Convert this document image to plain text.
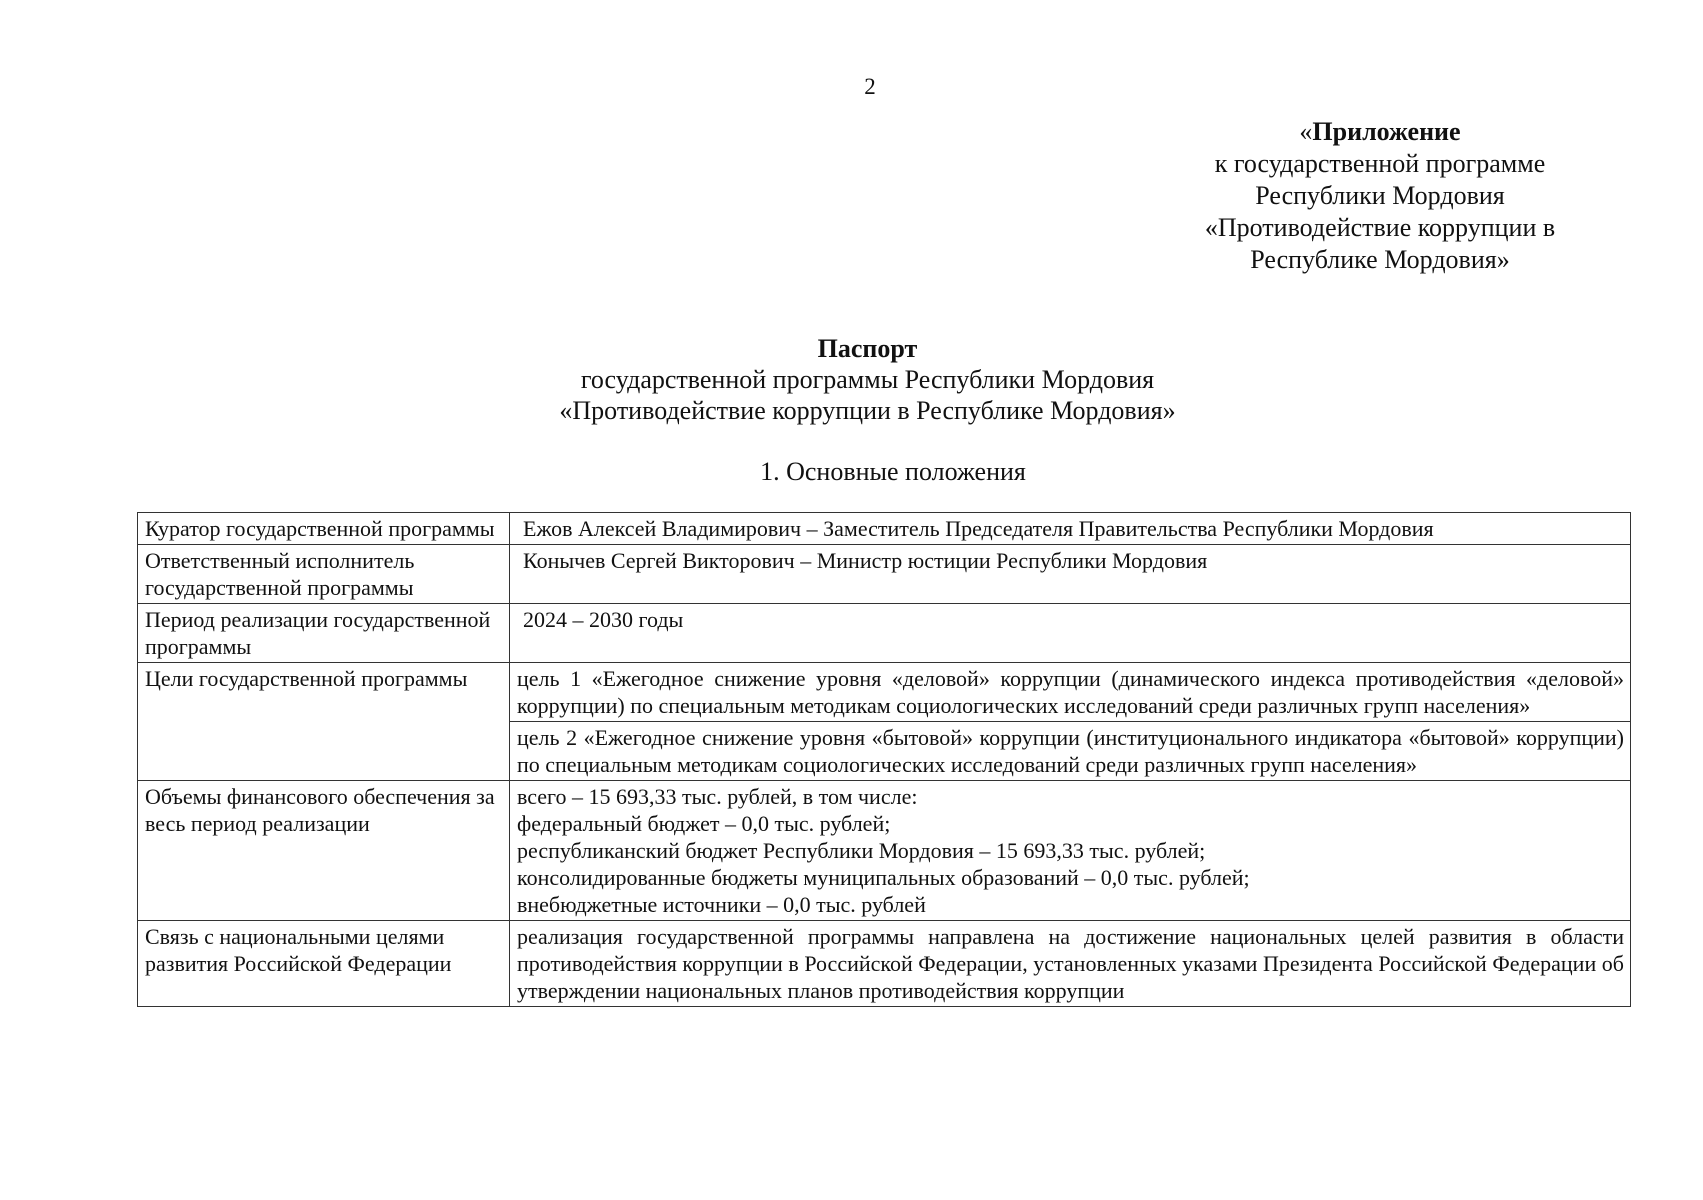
2
«Приложение
к государственной программе
Республики Мордовия
«Противодействие коррупции в
Республике Мордовия»
Паспорт
государственной программы Республики Мордовия
«Противодействие коррупции в Республике Мордовия»
1. Основные положения
Куратор государственной программы	Ежов Алексей Владимирович – Заместитель Председателя Правительства Республики Мордовия
Ответственный исполнитель государственной программы	Конычев Сергей Викторович – Министр юстиции Республики Мордовия
Период реализации государственной программы	2024 – 2030 годы
Цели государственной программы	цель 1 «Ежегодное снижение уровня «деловой» коррупции (динамического индекса противодействия «деловой» коррупции) по специальным методикам социологических исследований среди различных групп населения»
	цель 2 «Ежегодное снижение уровня «бытовой» коррупции (институционального индикатора «бытовой» коррупции) по специальным методикам социологических исследований среди различных групп населения»
Объемы финансового обеспечения за весь период реализации	всего – 15 693,33 тыс. рублей, в том числе:
федеральный бюджет – 0,0 тыс. рублей;
республиканский бюджет Республики Мордовия – 15 693,33 тыс. рублей;
консолидированные бюджеты муниципальных образований – 0,0 тыс. рублей;
внебюджетные источники – 0,0 тыс. рублей

Связь с национальными целями развития Российской Федерации	реализация государственной программы направлена на достижение национальных целей развития в области противодействия коррупции в Российской Федерации, установленных указами Президента Российской Федерации об утверждении национальных планов противодействия коррупции
